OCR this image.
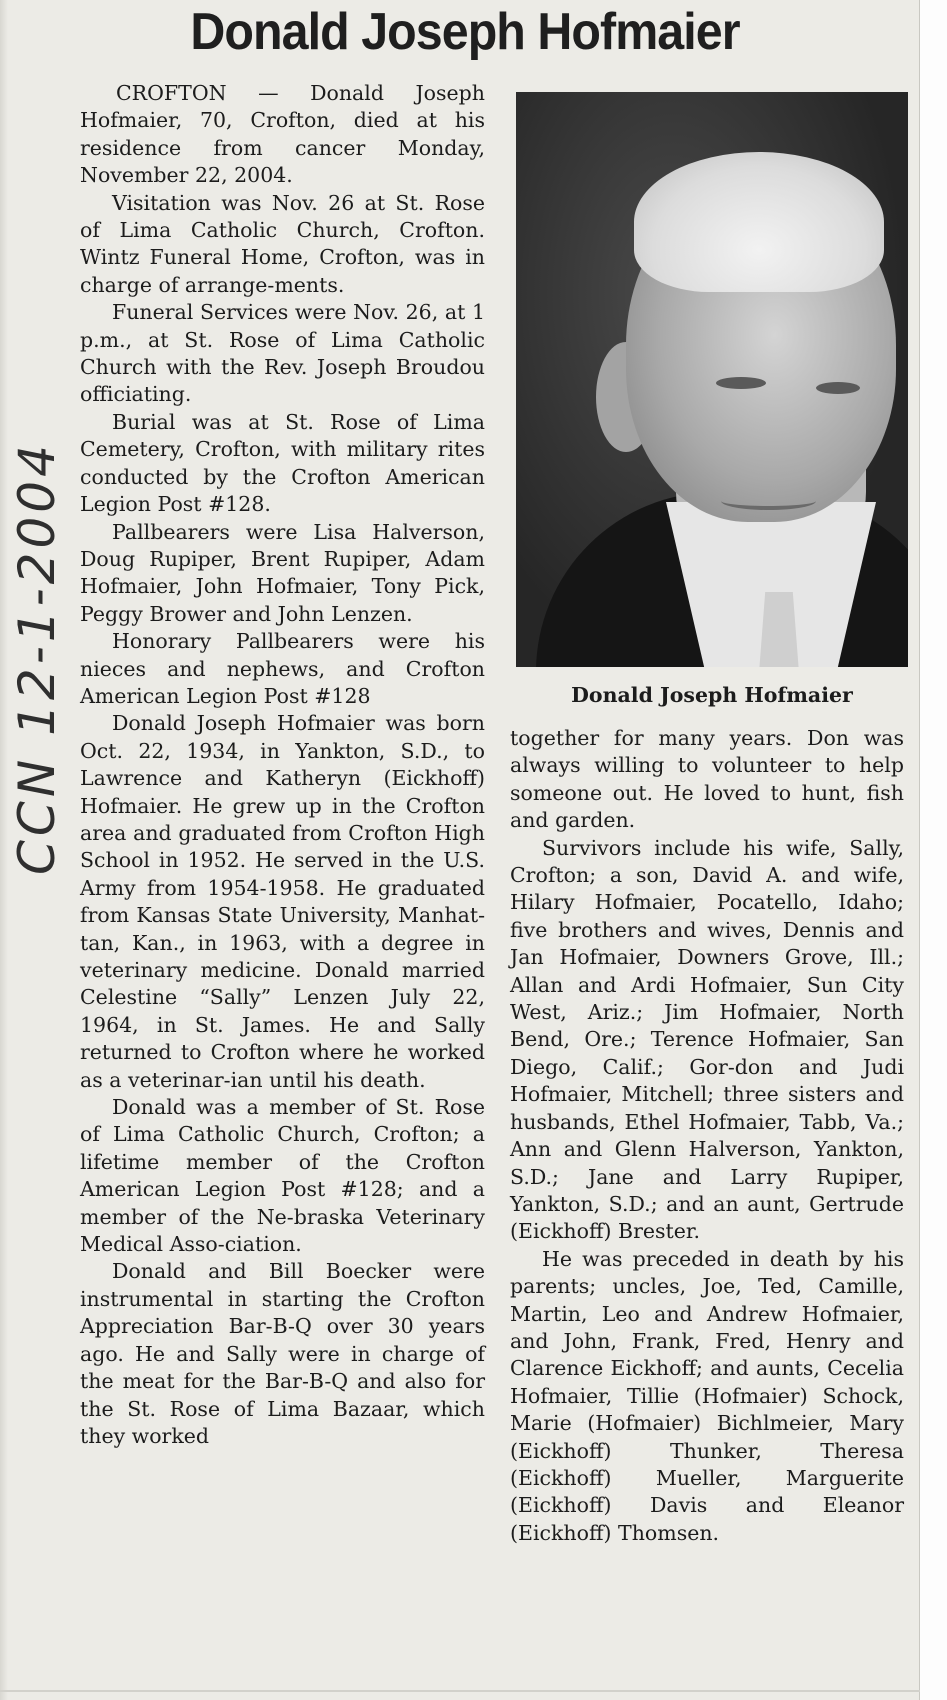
Donald Joseph Hofmaier
CCN 12-1-2004

CROFTON — Donald Joseph Hofmaier, 70, Crofton, died at his residence from cancer Monday, November 22, 2004.

Visitation was Nov. 26 at St. Rose of Lima Catholic Church, Crofton. Wintz Funeral Home, Crofton, was in charge of arrange-ments.

Funeral Services were Nov. 26, at 1 p.m., at St. Rose of Lima Catholic Church with the Rev. Joseph Broudou officiating.

Burial was at St. Rose of Lima Cemetery, Crofton, with military rites conducted by the Crofton American Legion Post #128.

Pallbearers were Lisa Halverson, Doug Rupiper, Brent Rupiper, Adam Hofmaier, John Hofmaier, Tony Pick, Peggy Brower and John Lenzen.

Honorary Pallbearers were his nieces and nephews, and Crofton American Legion Post #128

Donald Joseph Hofmaier was born Oct. 22, 1934, in Yankton, S.D., to Lawrence and Katheryn (Eickhoff) Hofmaier. He grew up in the Crofton area and graduated from Crofton High School in 1952. He served in the U.S. Army from 1954-1958. He graduated from Kansas State University, Manhat-tan, Kan., in 1963, with a degree in veterinary medicine. Donald married Celestine “Sally” Lenzen July 22, 1964, in St. James. He and Sally returned to Crofton where he worked as a veterinar-ian until his death.

Donald was a member of St. Rose of Lima Catholic Church, Crofton; a lifetime member of the Crofton American Legion Post #128; and a member of the Ne-braska Veterinary Medical Asso-ciation.

Donald and Bill Boecker were instrumental in starting the Crofton Appreciation Bar-B-Q over 30 years ago. He and Sally were in charge of the meat for the Bar-B-Q and also for the St. Rose of Lima Bazaar, which they worked

Donald Joseph Hofmaier

together for many years. Don was always willing to volunteer to help someone out. He loved to hunt, fish and garden.

Survivors include his wife, Sally, Crofton; a son, David A. and wife, Hilary Hofmaier, Pocatello, Idaho; five brothers and wives, Dennis and Jan Hofmaier, Downers Grove, Ill.; Allan and Ardi Hofmaier, Sun City West, Ariz.; Jim Hofmaier, North Bend, Ore.; Terence Hofmaier, San Diego, Calif.; Gor-don and Judi Hofmaier, Mitchell; three sisters and husbands, Ethel Hofmaier, Tabb, Va.; Ann and Glenn Halverson, Yankton, S.D.; Jane and Larry Rupiper, Yankton, S.D.; and an aunt, Gertrude (Eickhoff) Brester.

He was preceded in death by his parents; uncles, Joe, Ted, Camille, Martin, Leo and Andrew Hofmaier, and John, Frank, Fred, Henry and Clarence Eickhoff; and aunts, Cecelia Hofmaier, Tillie (Hofmaier) Schock, Marie (Hofmaier) Bichlmeier, Mary (Eickhoff) Thunker, Theresa (Eickhoff) Mueller, Marguerite (Eickhoff) Davis and Eleanor (Eickhoff) Thomsen.
